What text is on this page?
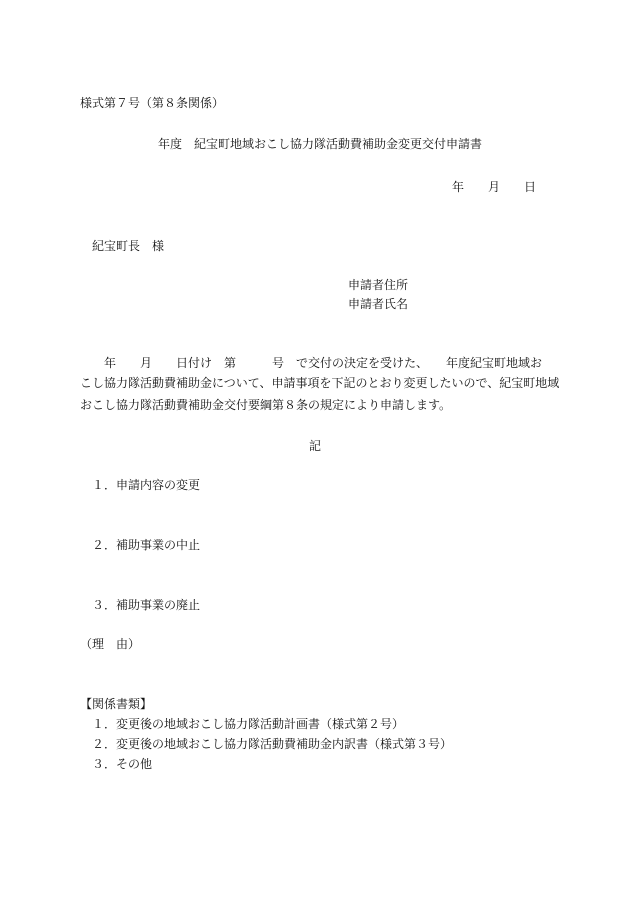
様式第７号（第８条関係）
年度　紀宝町地域おこし協力隊活動費補助金変更交付申請書
年　　月　　日
紀宝町長　様
申請者住所
申請者氏名
　　年　　月　　日付け　第　　　号　で交付の決定を受けた、　　年度紀宝町地域お
こし協力隊活動費補助金について、申請事項を下記のとおり変更したいので、紀宝町地域
おこし協力隊活動費補助金交付要綱第８条の規定により申請します。
記
１．申請内容の変更
２．補助事業の中止
３．補助事業の廃止
（理　由）
【関係書類】
１．変更後の地域おこし協力隊活動計画書（様式第２号）
２．変更後の地域おこし協力隊活動費補助金内訳書（様式第３号）
３．その他
